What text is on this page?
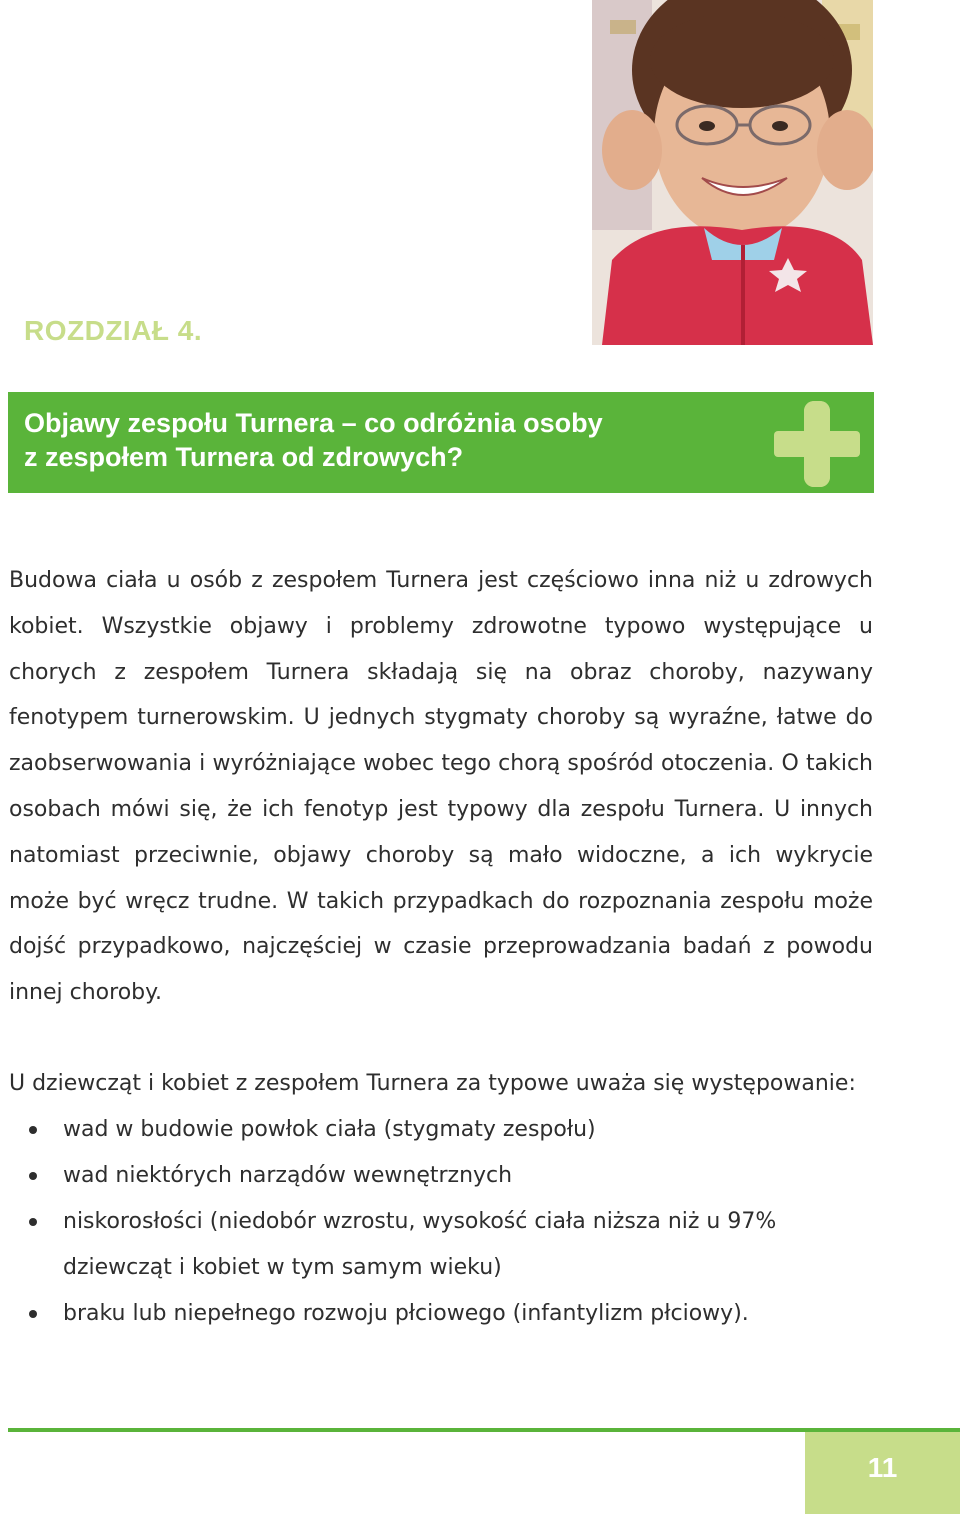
ROZDZIAŁ 4.
Objawy zespołu Turnera – co odróżnia osoby
z zespołem Turnera od zdrowych?

Budowa ciała u osób z zespołem Turnera jest częściowo inna niż u zdrowych kobiet. Wszystkie objawy i problemy zdrowotne typowo występujące u chorych z zespołem Turnera składają się na obraz choroby, nazywany fenotypem turnerowskim. U jednych stygmaty choroby są wyraźne, łatwe do zaobserwowania i wyróżniające wobec tego chorą spośród otoczenia. O takich osobach mówi się, że ich fenotyp jest typowy dla zespołu Turnera. U innych natomiast przeciwnie, objawy choroby są mało widoczne, a ich wykrycie może być wręcz trudne. W takich przypadkach do rozpoznania zespołu może dojść przypadkowo, najczęściej w czasie przeprowadzania badań z powodu innej choroby.

U dziewcząt i kobiet z zespołem Turnera za typowe uważa się występowanie:

wad w budowie powłok ciała (stygmaty zespołu)
wad niektórych narządów wewnętrznych
niskorosłości (niedobór wzrostu, wysokość ciała niższa niż u 97% dziewcząt i kobiet w tym samym wieku)
braku lub niepełnego rozwoju płciowego (infantylizm płciowy).
11
